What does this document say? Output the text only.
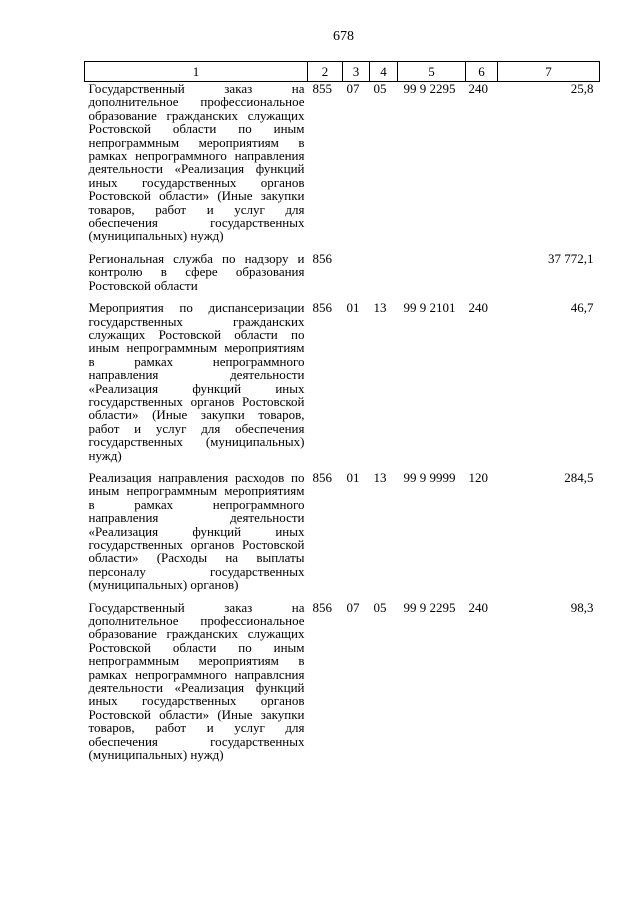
678
1	2	3	4	5	6	7
Государственный заказ на дополнительное профессиональное образование гражданских служащих Ростовской области по иным непрограммным мероприятиям в рамках непрограммного направления деятельности «Реализация функций иных государственных органов Ростовской области» (Иные закупки товаров, работ и услуг для обеспечения государственных (муниципальных) нужд)	855	07	05	99 9 2295	240	25,8
Региональная служба по надзору и контролю в сфере образования Ростовской области	856					37 772,1
Мероприятия по диспансеризации государственных гражданских служащих Ростовской области по иным непрограммным мероприятиям в рамках непрограммного направления деятельности «Реализация функций иных государственных органов Ростовской области» (Иные закупки товаров, работ и услуг для обеспечения государственных (муниципальных) нужд)	856	01	13	99 9 2101	240	46,7
Реализация направления расходов по иным непрограммным мероприятиям в рамках непрограммного направления деятельности «Реализация функций иных государственных органов Ростовской области» (Расходы на выплаты персоналу государственных (муниципальных) органов)	856	01	13	99 9 9999	120	284,5
Государственный заказ на дополнительное профессиональное образование гражданских служащих Ростовской области по иным непрограммным мероприятиям в рамках непрограммного направлсния деятельности «Реализация функций иных государственных органов Ростовской области» (Иные закупки товаров, работ и услуг для обеспечения государственных (муниципальных) нужд)	856	07	05	99 9 2295	240	98,3
